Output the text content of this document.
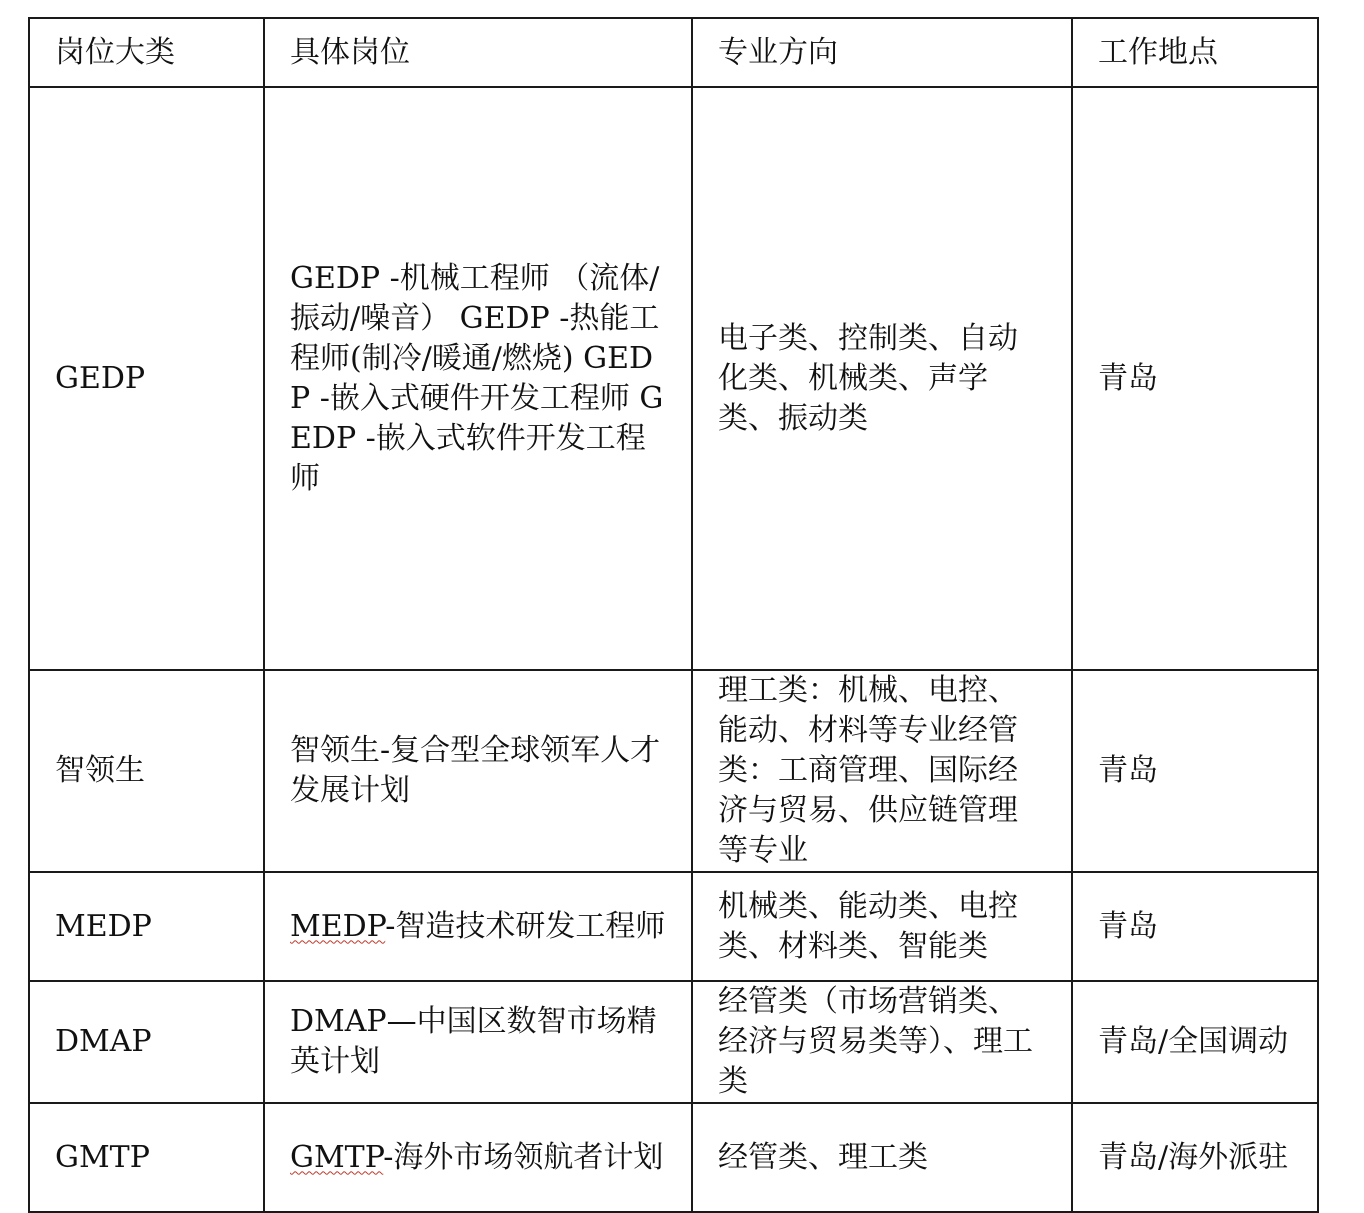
岗位大类	具体岗位	专业方向	工作地点
GEDP	GEDP -机械工程师 （流体/振动/噪音） GEDP -热能工程师(制冷/暖通/燃烧) GEDP -嵌入式硬件开发工程师 GEDP -嵌入式软件开发工程师	电子类、控制类、自动化类、机械类、声学类、振动类	青岛
智领生	智领生-复合型全球领军人才发展计划	理工类：机械、电控、能动、材料等专业经管类：工商管理、国际经济与贸易、供应链管理等专业	青岛
MEDP	MEDP-智造技术研发工程师	机械类、能动类、电控类、材料类、智能类	青岛
DMAP	DMAP—中国区数智市场精英计划	经管类（市场营销类、经济与贸易类等）、理工类	青岛/全国调动
GMTP	GMTP-海外市场领航者计划	经管类、理工类	青岛/海外派驻
